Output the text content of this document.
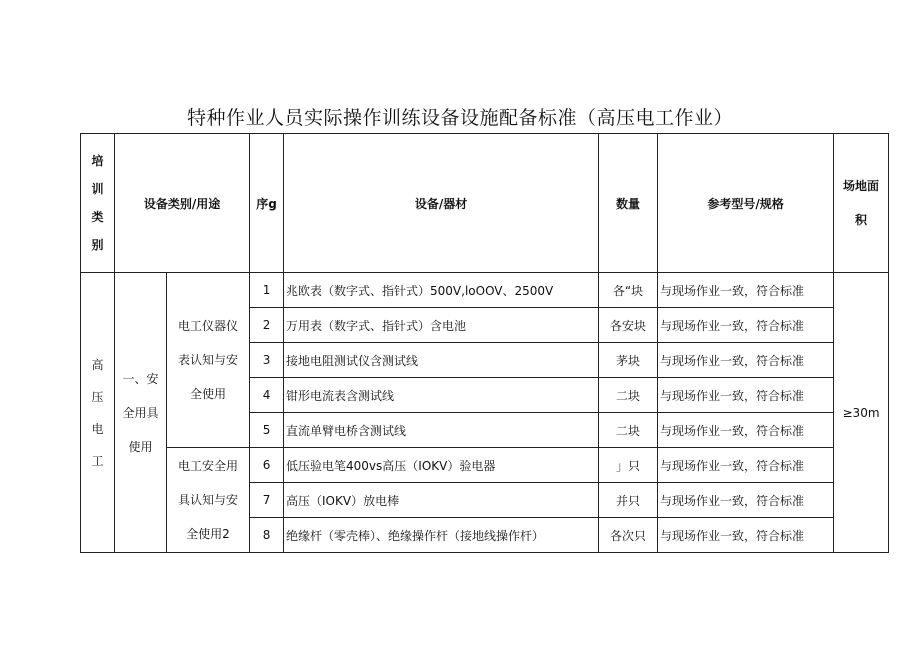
特种作业人员实际操作训练设备设施配备标准（高压电工作业）
培训类别	设备类别/用途		序g	设备/器材	数量	参考型号/规格	场地面积

高压电工	一、安全用具使用	电工仪器仪表认知与安全使用	1	兆欧表（数字式、指针式）500V,loOOV、2500V	各“块	与现场作业一致，符合标准	≥30m
			2	万用表（数字式、指针式）含电池	各安块	与现场作业一致，符合标准	
			3	接地电阻测试仪含测试线	茅块	与现场作业一致，符合标准	
			4	钳形电流表含测试线	二块	与现场作业一致，符合标准	
			5	直流单臂电桥含测试线	二块	与现场作业一致，符合标准	

		电工安全用具认知与安全使用2	6	低压验电笔400vs高压（IOKV）验电器	」只	与现场作业一致，符合标准	
			7	高压（IOKV）放电棒	并只	与现场作业一致，符合标准	
			8	绝缘杆（零壳棒）、绝缘操作杆（接地线操作杆）	各次只	与现场作业一致，符合标准	
